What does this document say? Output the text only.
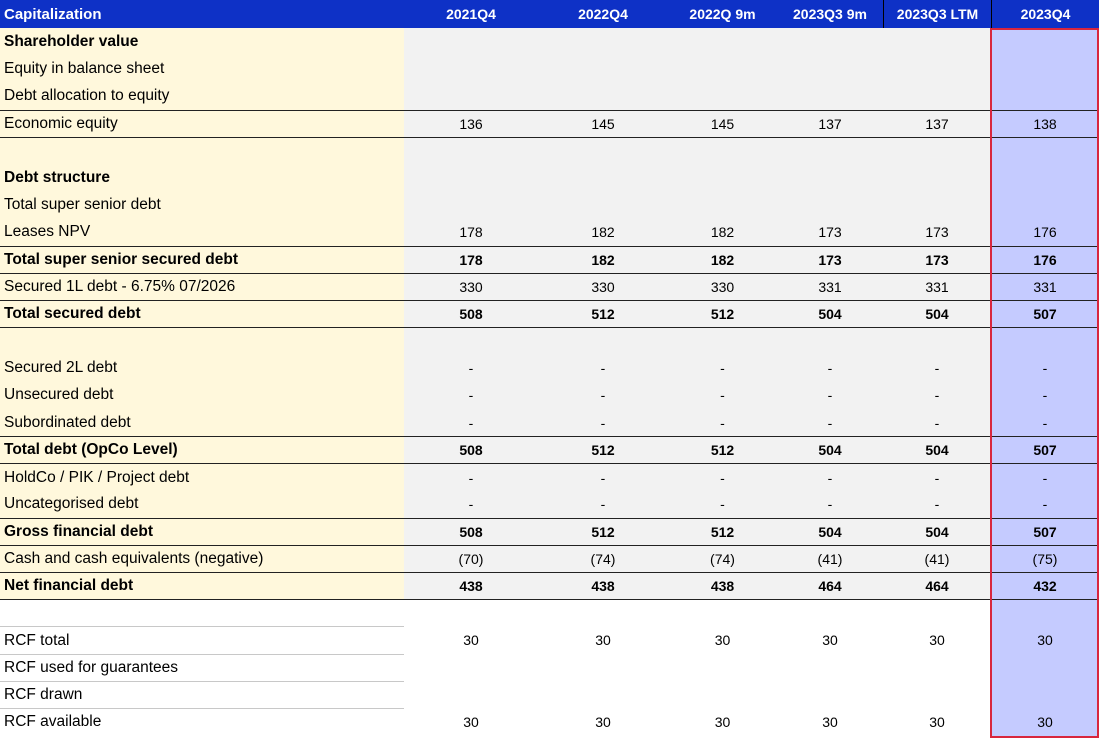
Capitalization	2021Q4	2022Q4	2022Q 9m	2023Q3 9m	2023Q3 LTM	2023Q4
Shareholder value
Equity in balance sheet
Debt allocation to equity
Economic equity	136	145	145	137	137	138
Debt structure
Total super senior debt
Leases NPV	178	182	182	173	173	176
Total super senior secured debt	178	182	182	173	173	176
Secured 1L debt - 6.75% 07/2026	330	330	330	331	331	331
Total secured debt	508	512	512	504	504	507
Secured 2L debt	-	-	-	-	-	-
Unsecured debt	-	-	-	-	-	-
Subordinated debt	-	-	-	-	-	-
Total debt (OpCo Level)	508	512	512	504	504	507
HoldCo / PIK / Project debt	-	-	-	-	-	-
Uncategorised debt	-	-	-	-	-	-
Gross financial debt	508	512	512	504	504	507
Cash and cash equivalents (negative)	(70)	(74)	(74)	(41)	(41)	(75)
Net financial debt	438	438	438	464	464	432
RCF total	30	30	30	30	30	30
RCF used for guarantees
RCF drawn
RCF available	30	30	30	30	30	30
